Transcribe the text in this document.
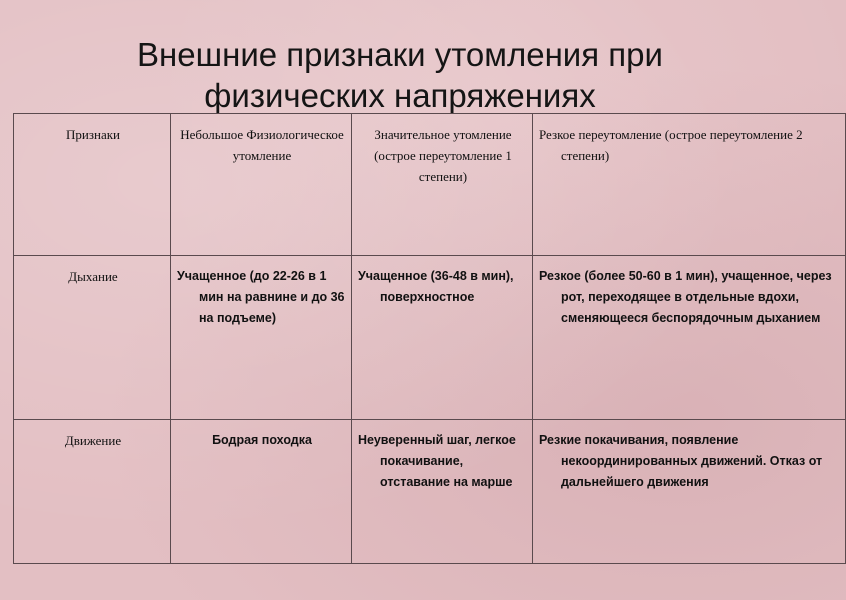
Внешние признаки утомления при
физических напряжениях
Признаки	Небольшое Физиологическое утомление	Значительное утомление (острое переутомление 1 степени)	Резкое переутомление (острое переутомление 2 степени)
Дыхание	Учащенное (до 22-26 в 1 мин на равнине и до 36 на подъеме)	Учащенное (36-48 в мин), поверхностное	Резкое (более 50-60 в 1 мин), учащенное, через рот, переходящее в отдельные вдохи, сменяющееся беспорядочным дыханием
Движение	Бодрая походка	Неуверенный шаг, легкое покачивание, отставание на марше	Резкие покачивания, появление некоординированных движений. Отказ от дальнейшего движения
